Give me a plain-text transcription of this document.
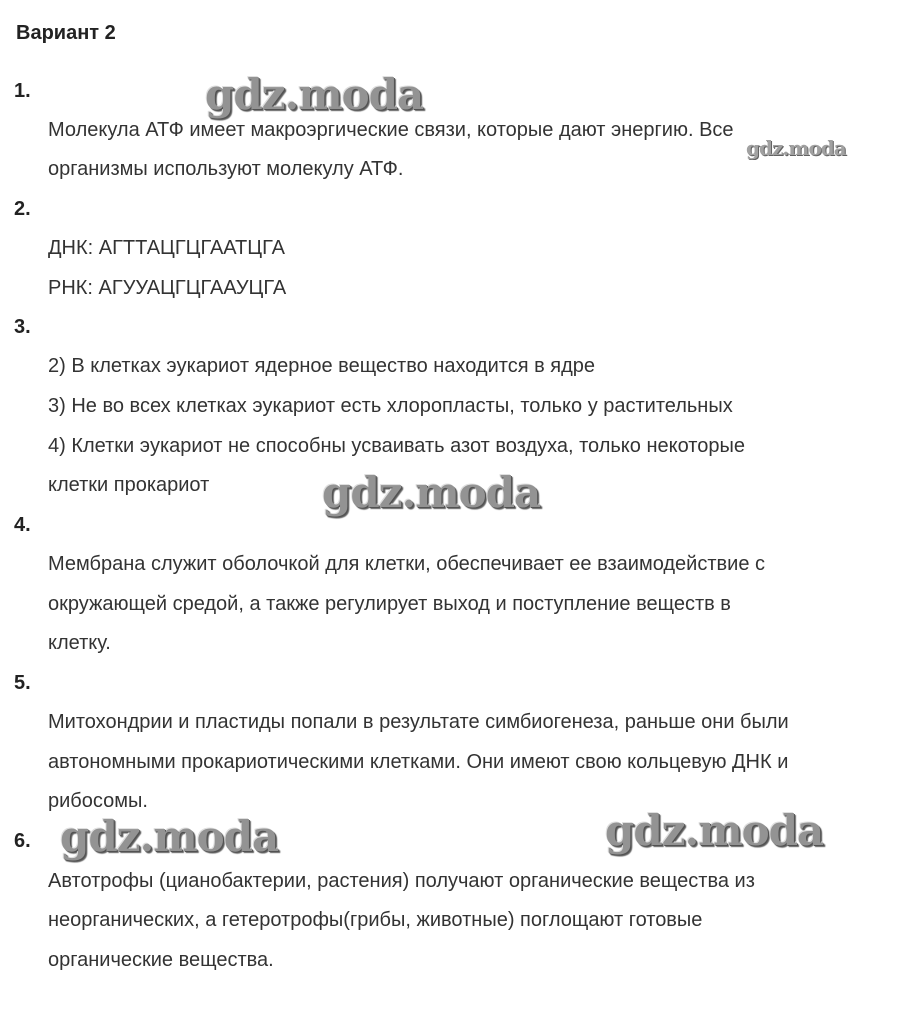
Вариант 2
1.
Молекула АТФ имеет макроэргические связи, которые дают энергию. Все
организмы используют молекулу АТФ.
2.
ДНК: АГТТАЦГЦГААТЦГА
РНК: АГУУАЦГЦГААУЦГА
3.
2) В клетках эукариот ядерное вещество находится в ядре
3) Не во всех клетках эукариот есть хлоропласты, только у растительных
4) Клетки эукариот не способны усваивать азот воздуха, только некоторые
клетки прокариот
4.
Мембрана служит оболочкой для клетки, обеспечивает ее взаимодействие с
окружающей средой, а также регулирует выход и поступление веществ в
клетку.
5.
Митохондрии и пластиды попали в результате симбиогенеза, раньше они были
автономными прокариотическими клетками. Они имеют свою кольцевую ДНК и
рибосомы.
6.
Автотрофы (цианобактерии, растения) получают органические вещества из
неорганических, а гетеротрофы(грибы, животные) поглощают готовые
органические вещества.
gdz.moda
gdz.moda
gdz.moda
gdz.moda	gdz.moda
